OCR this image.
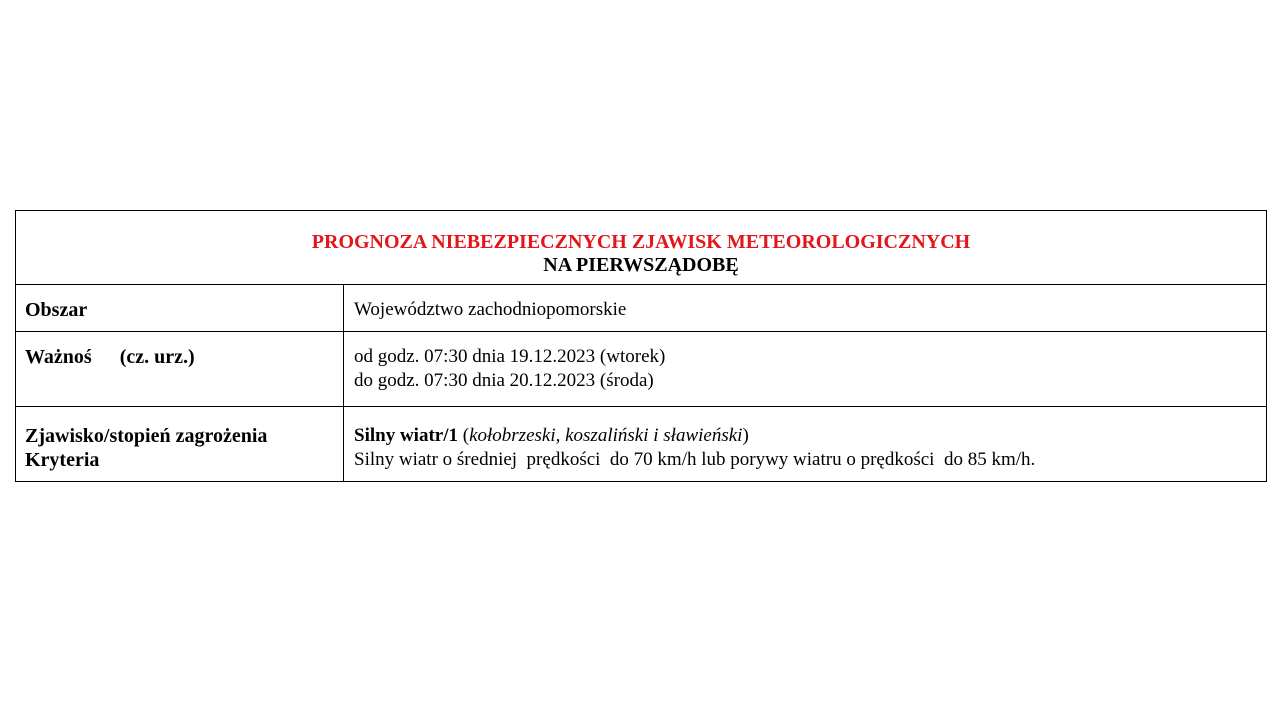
PROGNOZA NIEBEZPIECZNYCH ZJAWISK METEOROLOGICZNYCH
NA PIERWSZĄDOBĘ	

Obszar	Województwo zachodniopomorskie

Ważnoś (cz. urz.)	od godz. 07:30 dnia 19.12.2023 (wtorek)
do godz. 07:30 dnia 20.12.2023 (środa)

Zjawisko/stopień zagrożenia
Kryteria	Silny wiatr/1 (kołobrzeski, koszaliński i sławieński)
Silny wiatr o średniej  prędkości  do 70 km/h lub porywy wiatru o prędkości  do 85 km/h.
